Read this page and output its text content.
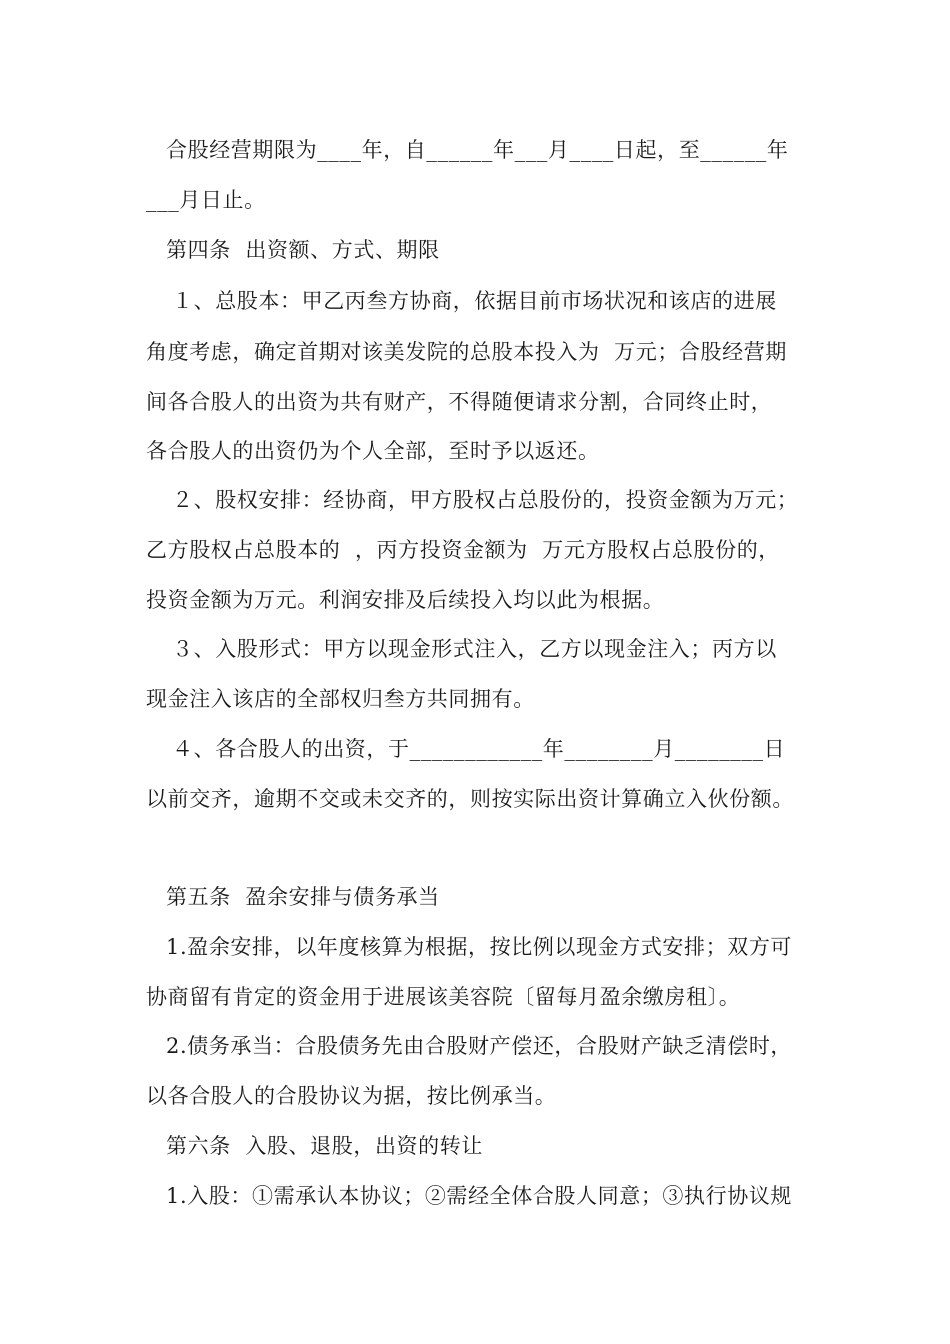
合股经营期限为____年，自______年___月____日起，至______年
___月日止。
第四条  出资额、方式、期限
１、总股本：甲乙丙叁方协商，依据目前市场状况和该店的进展
角度考虑，确定首期对该美发院的总股本投入为  万元；合股经营期
间各合股人的出资为共有财产，不得随便请求分割，合同终止时，
各合股人的出资仍为个人全部，至时予以返还。
２、股权安排：经协商，甲方股权占总股份的，投资金额为万元；
乙方股权占总股本的  ，丙方投资金额为  万元方股权占总股份的，
投资金额为万元。利润安排及后续投入均以此为根据。
３、入股形式：甲方以现金形式注入，乙方以现金注入；丙方以
现金注入该店的全部权归叁方共同拥有。
４、各合股人的出资，于____________年________月________日
以前交齐，逾期不交或未交齐的，则按实际出资计算确立入伙份额。
第五条  盈余安排与债务承当
1.盈余安排，以年度核算为根据，按比例以现金方式安排；双方可
协商留有肯定的资金用于进展该美容院〔留每月盈余缴房租〕。
2.债务承当：合股债务先由合股财产偿还，合股财产缺乏清偿时，
以各合股人的合股协议为据，按比例承当。
第六条  入股、退股，出资的转让
1.入股：①需承认本协议；②需经全体合股人同意；③执行协议规
